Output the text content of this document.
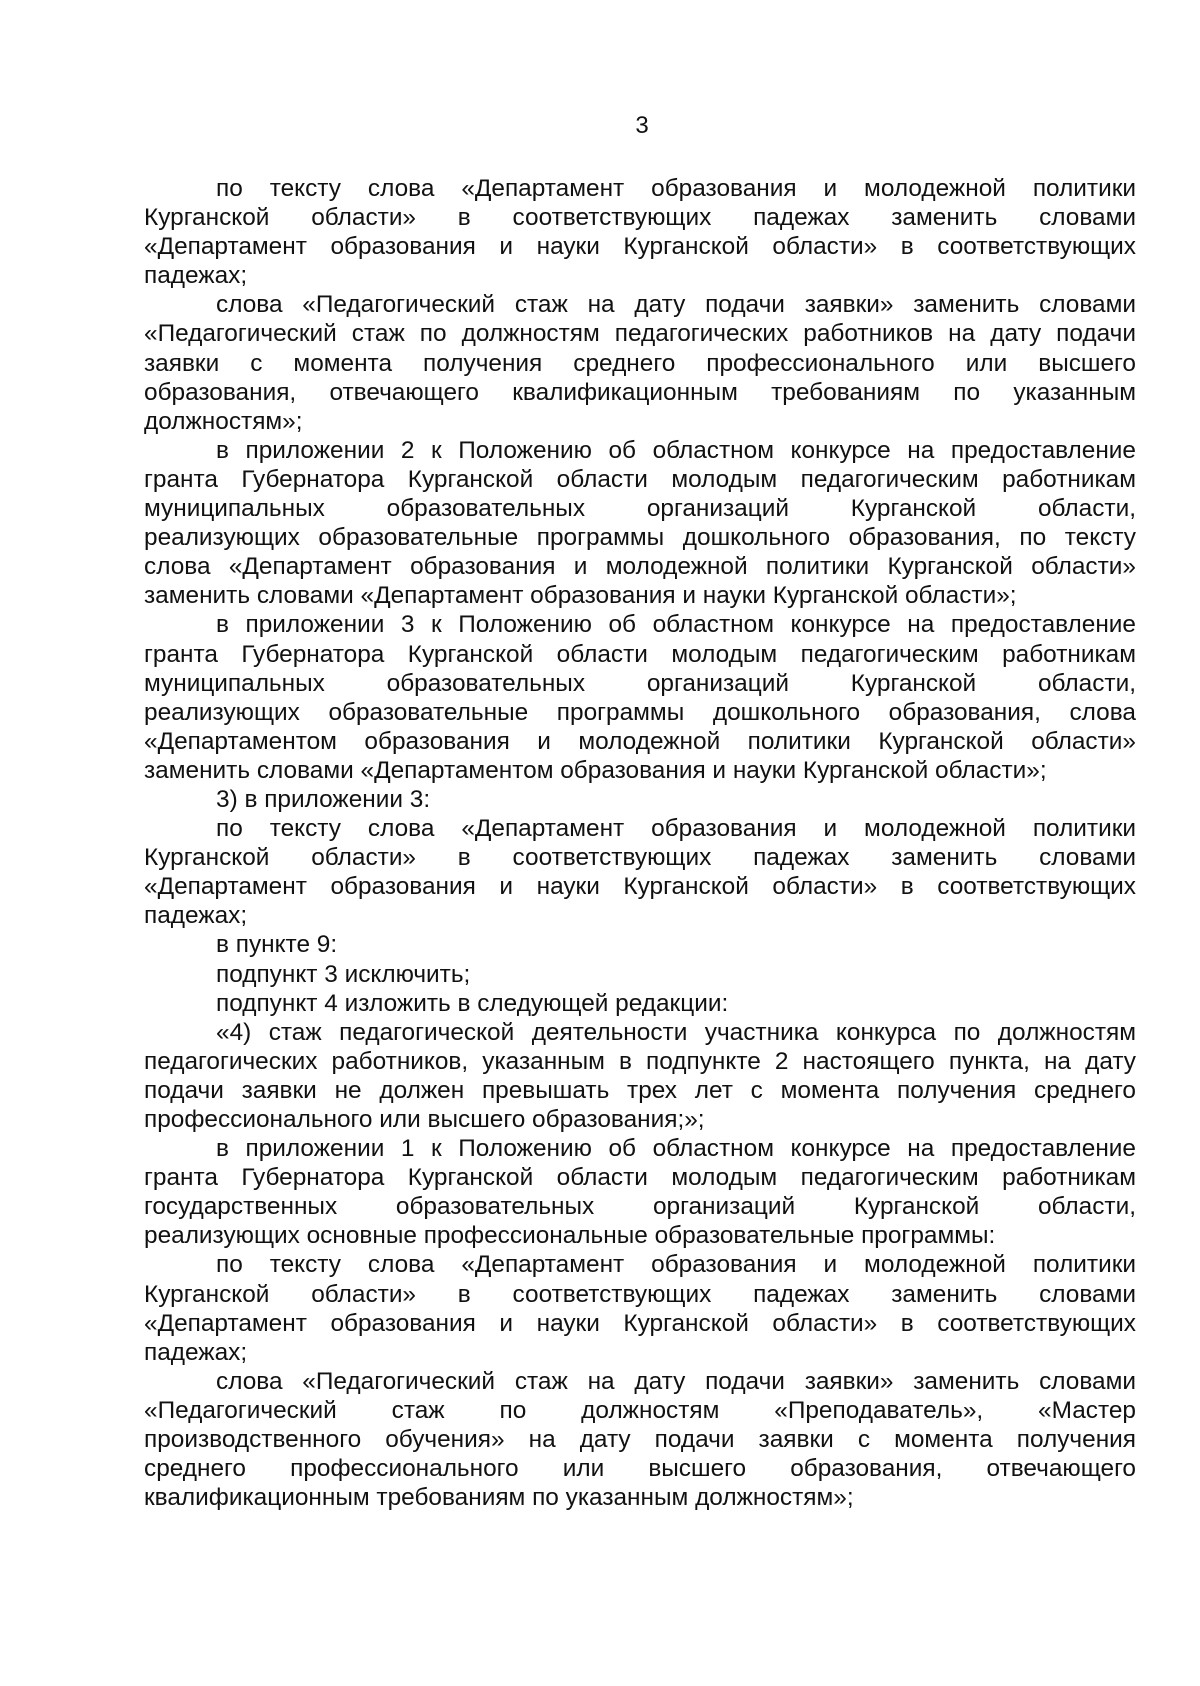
3
по тексту слова «Департамент образования и молодежной политики
Курганской области» в соответствующих падежах заменить словами
«Департамент образования и науки Курганской области» в соответствующих
падежах;
слова «Педагогический стаж на дату подачи заявки» заменить словами
«Педагогический стаж по должностям педагогических работников на дату подачи
заявки с момента получения среднего профессионального или высшего
образования, отвечающего квалификационным требованиям по указанным
должностям»;
в приложении 2 к Положению об областном конкурсе на предоставление
гранта Губернатора Курганской области молодым педагогическим работникам
муниципальных образовательных организаций Курганской области,
реализующих образовательные программы дошкольного образования, по тексту
слова «Департамент образования и молодежной политики Курганской области»
заменить словами «Департамент образования и науки Курганской области»;
в приложении 3 к Положению об областном конкурсе на предоставление
гранта Губернатора Курганской области молодым педагогическим работникам
муниципальных образовательных организаций Курганской области,
реализующих образовательные программы дошкольного образования, слова
«Департаментом образования и молодежной политики Курганской области»
заменить словами «Департаментом образования и науки Курганской области»;
3) в приложении 3:
по тексту слова «Департамент образования и молодежной политики
Курганской области» в соответствующих падежах заменить словами
«Департамент образования и науки Курганской области» в соответствующих
падежах;
в пункте 9:
подпункт 3 исключить;
подпункт 4 изложить в следующей редакции:
«4) стаж педагогической деятельности участника конкурса по должностям
педагогических работников, указанным в подпункте 2 настоящего пункта, на дату
подачи заявки не должен превышать трех лет с момента получения среднего
профессионального или высшего образования;»;
в приложении 1 к Положению об областном конкурсе на предоставление
гранта Губернатора Курганской области молодым педагогическим работникам
государственных образовательных организаций Курганской области,
реализующих основные профессиональные образовательные программы:
по тексту слова «Департамент образования и молодежной политики
Курганской области» в соответствующих падежах заменить словами
«Департамент образования и науки Курганской области» в соответствующих
падежах;
слова «Педагогический стаж на дату подачи заявки» заменить словами
«Педагогический стаж по должностям «Преподаватель», «Мастер
производственного обучения» на дату подачи заявки с момента получения
среднего профессионального или высшего образования, отвечающего
квалификационным требованиям по указанным должностям»;
